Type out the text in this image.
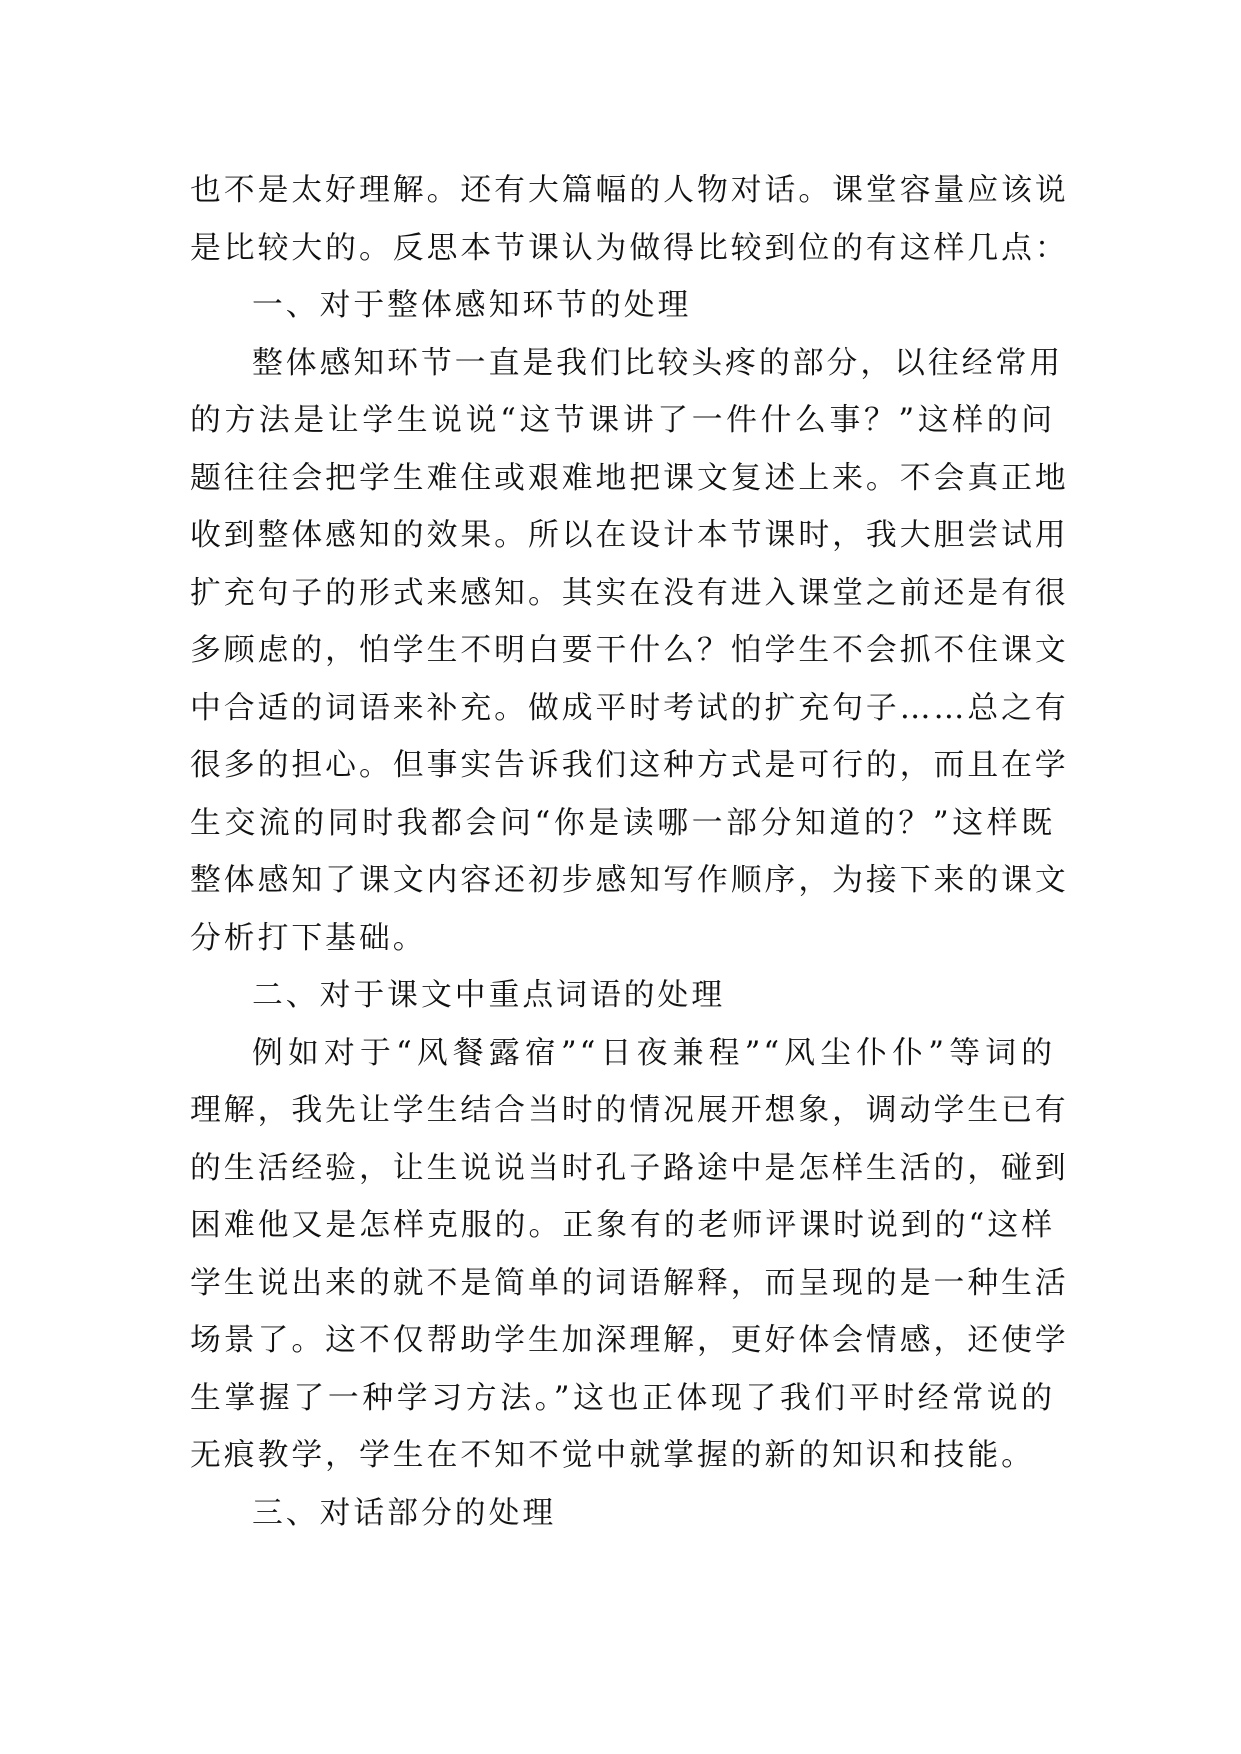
也不是太好理解。还有大篇幅的人物对话。课堂容量应该说
是比较大的。反思本节课认为做得比较到位的有这样几点：
一、对于整体感知环节的处理
整体感知环节一直是我们比较头疼的部分，以往经常用
的方法是让学生说说“这节课讲了一件什么事？”这样的问
题往往会把学生难住或艰难地把课文复述上来。不会真正地
收到整体感知的效果。所以在设计本节课时，我大胆尝试用
扩充句子的形式来感知。其实在没有进入课堂之前还是有很
多顾虑的，怕学生不明白要干什么？怕学生不会抓不住课文
中合适的词语来补充。做成平时考试的扩充句子……总之有
很多的担心。但事实告诉我们这种方式是可行的，而且在学
生交流的同时我都会问“你是读哪一部分知道的？”这样既
整体感知了课文内容还初步感知写作顺序，为接下来的课文
分析打下基础。
二、对于课文中重点词语的处理
例如对于“风餐露宿”“日夜兼程”“风尘仆仆”等词的
理解，我先让学生结合当时的情况展开想象，调动学生已有
的生活经验，让生说说当时孔子路途中是怎样生活的，碰到
困难他又是怎样克服的。正象有的老师评课时说到的“这样
学生说出来的就不是简单的词语解释，而呈现的是一种生活
场景了。这不仅帮助学生加深理解，更好体会情感，还使学
生掌握了一种学习方法。”这也正体现了我们平时经常说的
无痕教学，学生在不知不觉中就掌握的新的知识和技能。
三、对话部分的处理
